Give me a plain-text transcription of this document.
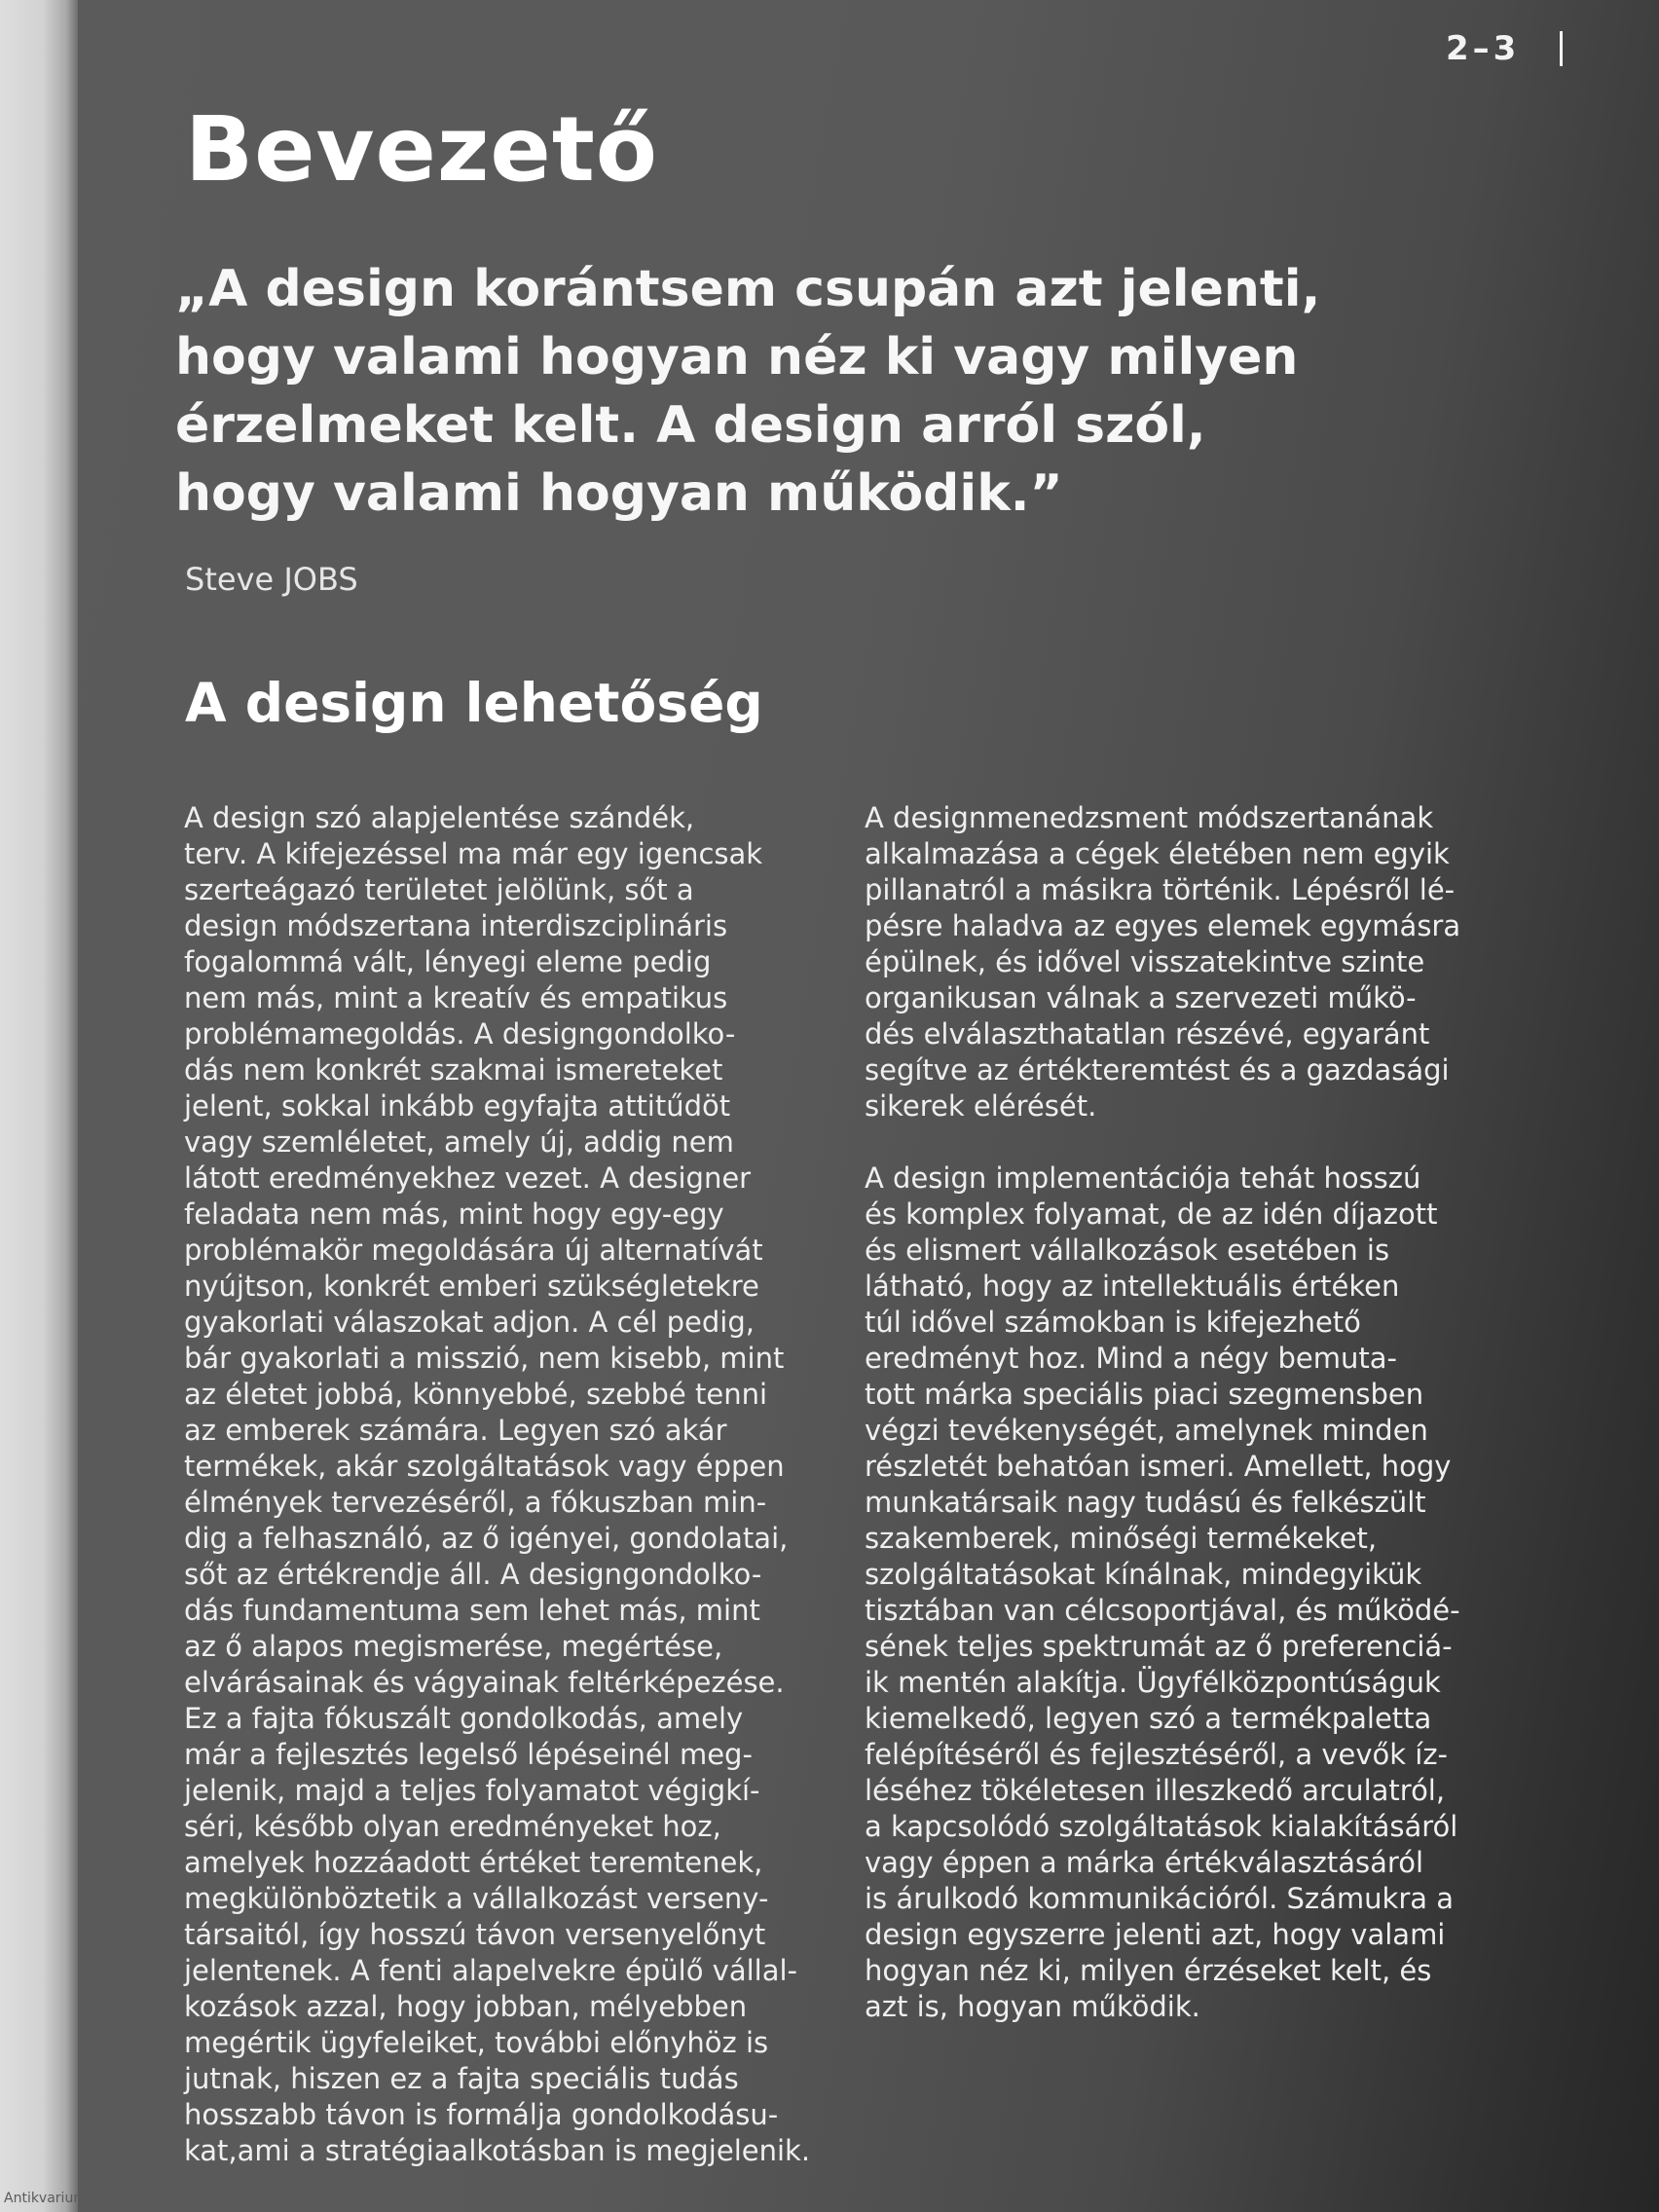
2–3
Bevezető
„A design korántsem csupán azt jelenti,
hogy valami hogyan néz ki vagy milyen
érzelmeket kelt. A design arról szól,
hogy valami hogyan működik.”
Steve JOBS
A design lehetőség

A design szó alapjelentése szándék,
terv. A kifejezéssel ma már egy igencsak
szerteágazó területet jelölünk, sőt a
design módszertana interdiszciplináris
fogalommá vált, lényegi eleme pedig
nem más, mint a kreatív és empatikus
problémamegoldás. A designgondolko-
dás nem konkrét szakmai ismereteket
jelent, sokkal inkább egyfajta attitűdöt
vagy szemléletet, amely új, addig nem
látott eredményekhez vezet. A designer
feladata nem más, mint hogy egy-egy
problémakör megoldására új alternatívát
nyújtson, konkrét emberi szükségletekre
gyakorlati válaszokat adjon. A cél pedig,
bár gyakorlati a misszió, nem kisebb, mint
az életet jobbá, könnyebbé, szebbé tenni
az emberek számára. Legyen szó akár
termékek, akár szolgáltatások vagy éppen
élmények tervezéséről, a fókuszban min-
dig a felhasználó, az ő igényei, gondolatai,
sőt az értékrendje áll. A designgondolko-
dás fundamentuma sem lehet más, mint
az ő alapos megismerése, megértése,
elvárásainak és vágyainak feltérképezése.
Ez a fajta fókuszált gondolkodás, amely
már a fejlesztés legelső lépéseinél meg-
jelenik, majd a teljes folyamatot végigkí-
séri, később olyan eredményeket hoz,
amelyek hozzáadott értéket teremtenek,
megkülönböztetik a vállalkozást verseny-
társaitól, így hosszú távon versenyelőnyt
jelentenek. A fenti alapelvekre épülő vállal-
kozások azzal, hogy jobban, mélyebben
megértik ügyfeleiket, további előnyhöz is
jutnak, hiszen ez a fajta speciális tudás
hosszabb távon is formálja gondolkodásu-
kat,ami a stratégiaalkotásban is megjelenik.

A designmenedzsment módszertanának
alkalmazása a cégek életében nem egyik
pillanatról a másikra történik. Lépésről lé-
pésre haladva az egyes elemek egymásra
épülnek, és idővel visszatekintve szinte
organikusan válnak a szervezeti műkö-
dés elválaszthatatlan részévé, egyaránt
segítve az értékteremtést és a gazdasági
sikerek elérését.

A design implementációja tehát hosszú
és komplex folyamat, de az idén díjazott
és elismert vállalkozások esetében is
látható, hogy az intellektuális értéken
túl idővel számokban is kifejezhető
eredményt hoz. Mind a négy bemuta-
tott márka speciális piaci szegmensben
végzi tevékenységét, amelynek minden
részletét behatóan ismeri. Amellett, hogy
munkatársaik nagy tudású és felkészült
szakemberek, minőségi termékeket,
szolgáltatásokat kínálnak, mindegyikük
tisztában van célcsoportjával, és működé-
sének teljes spektrumát az ő preferenciá-
ik mentén alakítja. Ügyfélközpontúságuk
kiemelkedő, legyen szó a termékpaletta
felépítéséről és fejlesztéséről, a vevők íz-
léséhez tökéletesen illeszkedő arculatról,
a kapcsolódó szolgáltatások kialakításáról
vagy éppen a márka értékválasztásáról
is árulkodó kommunikációról. Számukra a
design egyszerre jelenti azt, hogy valami
hogyan néz ki, milyen érzéseket kelt, és
azt is, hogyan működik.

Antikvarium.hu
